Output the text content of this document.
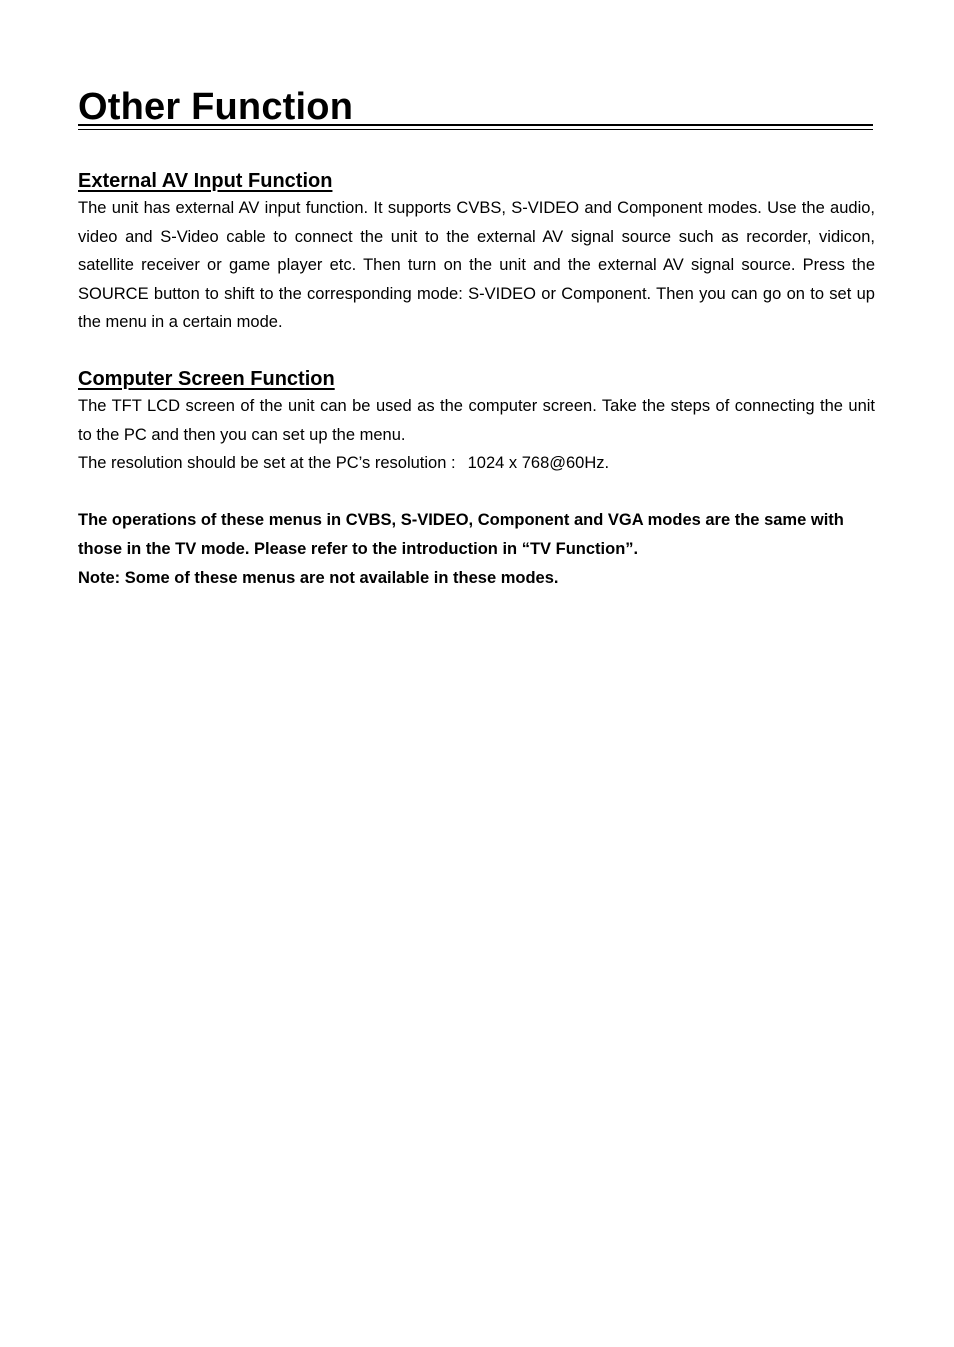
Other Function
External AV Input Function

The unit has external AV input function. It supports CVBS, S-VIDEO and Component modes. Use the audio, video and S-Video cable to connect the unit to the external AV signal source such as recorder, vidicon, satellite receiver or game player etc. Then turn on the unit and the external AV signal source. Press the SOURCE button to shift to the corresponding mode: S-VIDEO or Component. Then you can go on to set up the menu in a certain mode.

Computer Screen Function

The TFT LCD screen of the unit can be used as the computer screen. Take the steps of connecting the unit to the PC and then you can set up the menu.

The resolution should be set at the PC’s resolution : 1024 x 768@60Hz.

The operations of these menus in CVBS, S-VIDEO, Component and VGA modes are the same with those in the TV mode. Please refer to the introduction in “TV Function”.

Note: Some of these menus are not available in these modes.
